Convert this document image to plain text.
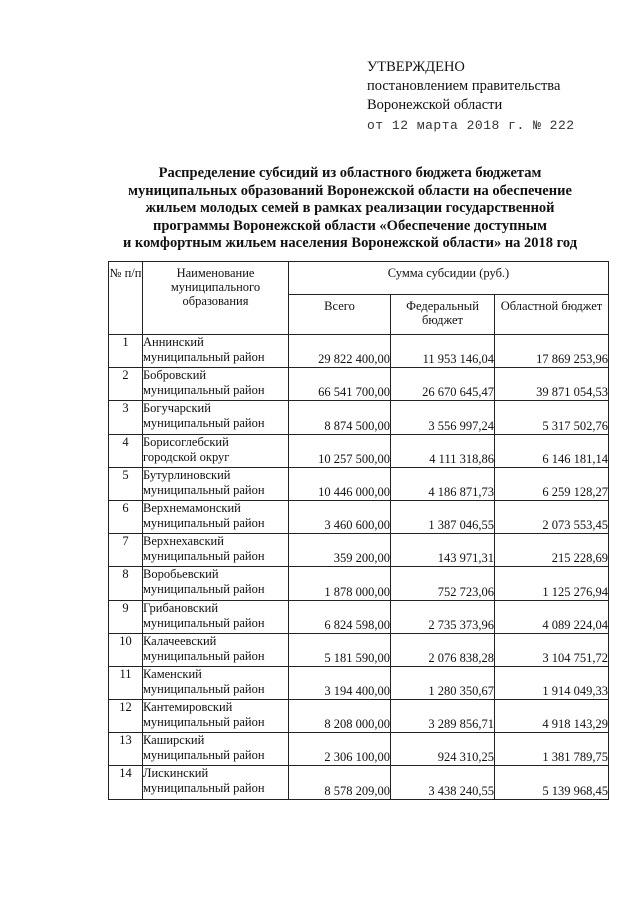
УТВЕРЖДЕНО
постановлением правительства
Воронежской области
от 12 марта 2018 г. № 222
Распределение субсидий из областного бюджета бюджетам
муниципальных образований Воронежской области на обеспечение
жильем молодых семей в рамках реализации государственной
программы Воронежской области «Обеспечение доступным
и комфортным жильем населения Воронежской области» на 2018 год
№ п/п	Наименование муниципального образования	Сумма субсидии (руб.)		
		Всего	Федеральный бюджет	Областной бюджет
1	Аннинский
муниципальный район	29 822 400,00	11 953 146,04	17 869 253,96
2	Бобровский
муниципальный район	66 541 700,00	26 670 645,47	39 871 054,53
3	Богучарский
муниципальный район	8 874 500,00	3 556 997,24	5 317 502,76
4	Борисоглебский
городской округ	10 257 500,00	4 111 318,86	6 146 181,14
5	Бутурлиновский
муниципальный район	10 446 000,00	4 186 871,73	6 259 128,27
6	Верхнемамонский
муниципальный район	3 460 600,00	1 387 046,55	2 073 553,45
7	Верхнехавский
муниципальный район	359 200,00	143 971,31	215 228,69
8	Воробьевский
муниципальный район	1 878 000,00	752 723,06	1 125 276,94
9	Грибановский
муниципальный район	6 824 598,00	2 735 373,96	4 089 224,04
10	Калачеевский
муниципальный район	5 181 590,00	2 076 838,28	3 104 751,72
11	Каменский
муниципальный район	3 194 400,00	1 280 350,67	1 914 049,33
12	Кантемировский
муниципальный район	8 208 000,00	3 289 856,71	4 918 143,29
13	Каширский
муниципальный район	2 306 100,00	924 310,25	1 381 789,75
14	Лискинский
муниципальный район	8 578 209,00	3 438 240,55	5 139 968,45
